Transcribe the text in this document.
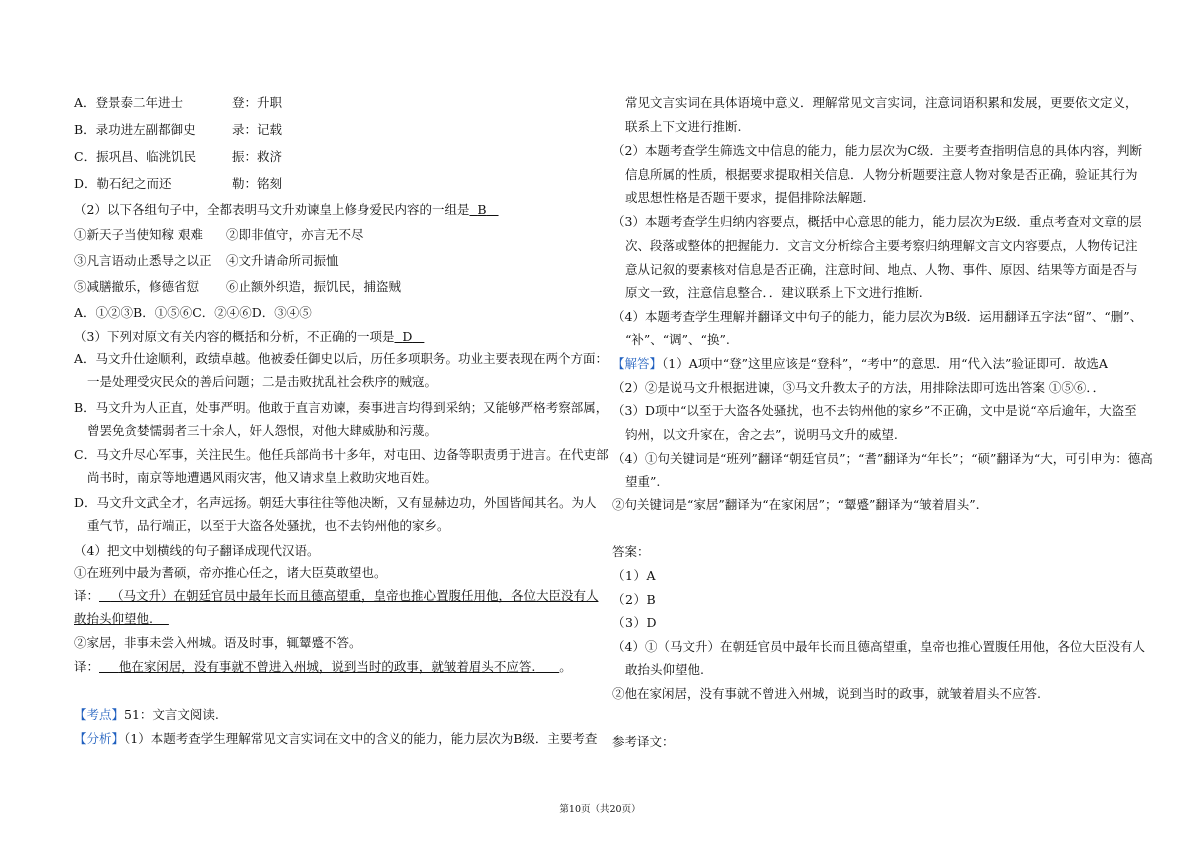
A．登景泰二年进士	登：升职
B．录功进左副都御史	录：记载
C．振巩昌、临洮饥民	振：救济
D．勒石纪之而还	勒：铭刻
（2）以下各组句子中，全都表明马文升劝谏皇上修身爱民内容的一组是 B
①新天子当使知稼 艰难 ②即非值守，亦言无不尽
③凡言语动止悉导之以正 ④文升请命所司振恤
⑤减膳撤乐，修德省愆 ⑥止额外织造，振饥民，捕盗贼
A．①②③B．①⑤⑥C．②④⑥D．③④⑤
（3）下列对原文有关内容的概括和分析，不正确的一项是 D
A．马文升仕途顺利，政绩卓越。他被委任御史以后，历任多项职务。功业主要表现在两个方面：
一是处理受灾民众的善后问题；二是击败扰乱社会秩序的贼寇。
B．马文升为人正直，处事严明。他敢于直言劝谏，奏事进言均得到采纳；又能够严格考察部属，
曾罢免贪婪懦弱者三十余人，奸人怨恨，对他大肆威胁和污蔑。
C．马文升尽心军事，关注民生。他任兵部尚书十多年，对屯田、边备等职责勇于进言。在代吏部
尚书时，南京等地遭遇风雨灾害，他又请求皇上救助灾地百姓。
D．马文升文武全才，名声远扬。朝廷大事往往等他决断，又有显赫边功，外国皆闻其名。为人
重气节，品行端正，以至于大盗各处骚扰，也不去钧州他的家乡。
（4）把文中划横线的句子翻译成现代汉语。
①在班列中最为耆硕，帝亦推心任之，诸大臣莫敢望也。
译： （马文升）在朝廷官员中最年长而且德高望重，皇帝也推心置腹任用他，各位大臣没有人
敢抬头仰望他.
②家居，非事未尝入州城。语及时事，辄颦蹙不答。
译： 他在家闲居，没有事就不曾进入州城，说到当时的政事，就皱着眉头不应答. 。
【考点】51：文言文阅读.
【分析】（1）本题考查学生理解常见文言实词在文中的含义的能力，能力层次为B级．主要考查
常见文言实词在具体语境中意义．理解常见文言实词，注意词语积累和发展，更要依文定义，
联系上下文进行推断.
（2）本题考查学生筛选文中信息的能力，能力层次为C级．主要考查指明信息的具体内容，判断
信息所属的性质，根据要求提取相关信息．人物分析题要注意人物对象是否正确，验证其行为
或思想性格是否题干要求，提倡排除法解题.
（3）本题考查学生归纳内容要点，概括中心意思的能力，能力层次为E级．重点考查对文章的层
次、段落或整体的把握能力．文言文分析综合主要考察归纳理解文言文内容要点，人物传记注
意从记叙的要素核对信息是否正确，注意时间、地点、人物、事件、原因、结果等方面是否与
原文一致，注意信息整合．．建议联系上下文进行推断.
（4）本题考查学生理解并翻译文中句子的能力，能力层次为B级．运用翻译五字法“留”、“删”、
“补”、“调”、“换”.
【解答】（1）A项中“登”这里应该是“登科”，“考中”的意思．用“代入法”验证即可．故选A
（2）②是说马文升根据进谏，③马文升教太子的方法，用排除法即可选出答案 ①⑤⑥．．
（3）D项中“以至于大盗各处骚扰，也不去钧州他的家乡”不正确，文中是说“卒后逾年，大盗至
钧州，以文升家在，舍之去”，说明马文升的威望.
（4）①句关键词是“班列”翻译“朝廷官员”；“耆”翻译为“年长”；“硕”翻译为“大，可引申为：德高
望重”.
②句关键词是“家居”翻译为“在家闲居”；“颦蹙”翻译为“皱着眉头”.
答案：
（1）A
（2）B
（3）D
（4）①（马文升）在朝廷官员中最年长而且德高望重，皇帝也推心置腹任用他，各位大臣没有人
敢抬头仰望他.
②他在家闲居，没有事就不曾进入州城，说到当时的政事，就皱着眉头不应答.
参考译文：
第10页（共20页）
